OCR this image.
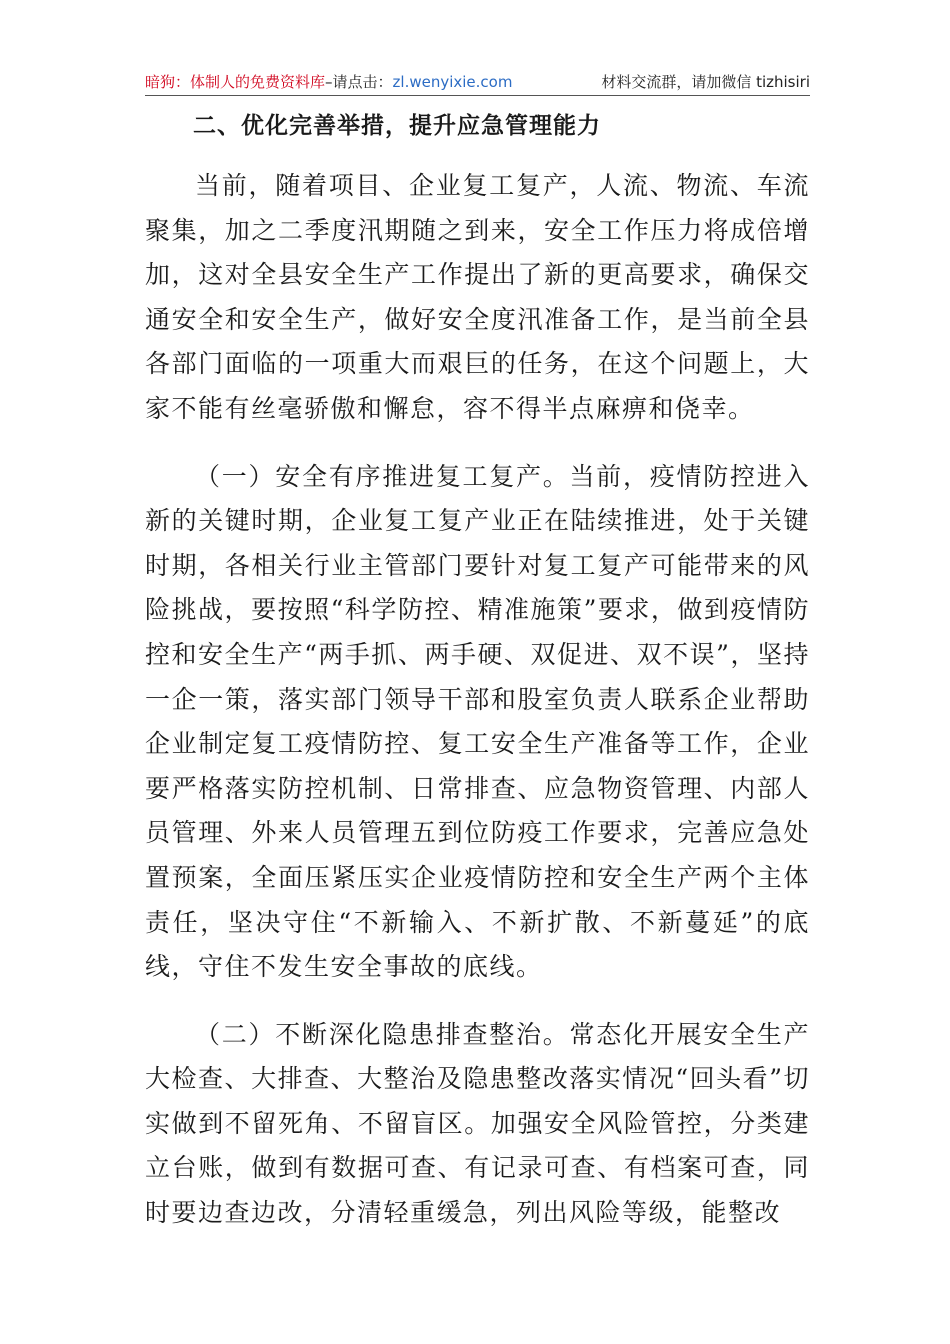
暗狗：体制人的免费资料库–请点击：zl.wenyixie.com	材料交流群，请加微信 tizhisiri
二、优化完善举措，提升应急管理能力

当前，随着项目、企业复工复产，人流、物流、车流聚集，加之二季度汛期随之到来，安全工作压力将成倍增加，这对全县安全生产工作提出了新的更高要求，确保交通安全和安全生产，做好安全度汛准备工作，是当前全县各部门面临的一项重大而艰巨的任务，在这个问题上，大家不能有丝毫骄傲和懈怠，容不得半点麻痹和侥幸。

（一）安全有序推进复工复产。当前，疫情防控进入新的关键时期，企业复工复产业正在陆续推进，处于关键时期，各相关行业主管部门要针对复工复产可能带来的风险挑战，要按照“科学防控、精准施策”要求，做到疫情防控和安全生产“两手抓、两手硬、双促进、双不误”，坚持一企一策，落实部门领导干部和股室负责人联系企业帮助企业制定复工疫情防控、复工安全生产准备等工作，企业要严格落实防控机制、日常排查、应急物资管理、内部人员管理、外来人员管理五到位防疫工作要求，完善应急处置预案，全面压紧压实企业疫情防控和安全生产两个主体责任，坚决守住“不新输入、不新扩散、不新蔓延”的底线，守住不发生安全事故的底线。

（二）不断深化隐患排查整治。常态化开展安全生产大检查、大排查、大整治及隐患整改落实情况“回头看”切实做到不留死角、不留盲区。加强安全风险管控，分类建立台账，做到有数据可查、有记录可查、有档案可查，同时要边查边改，分清轻重缓急，列出风险等级，能整改
